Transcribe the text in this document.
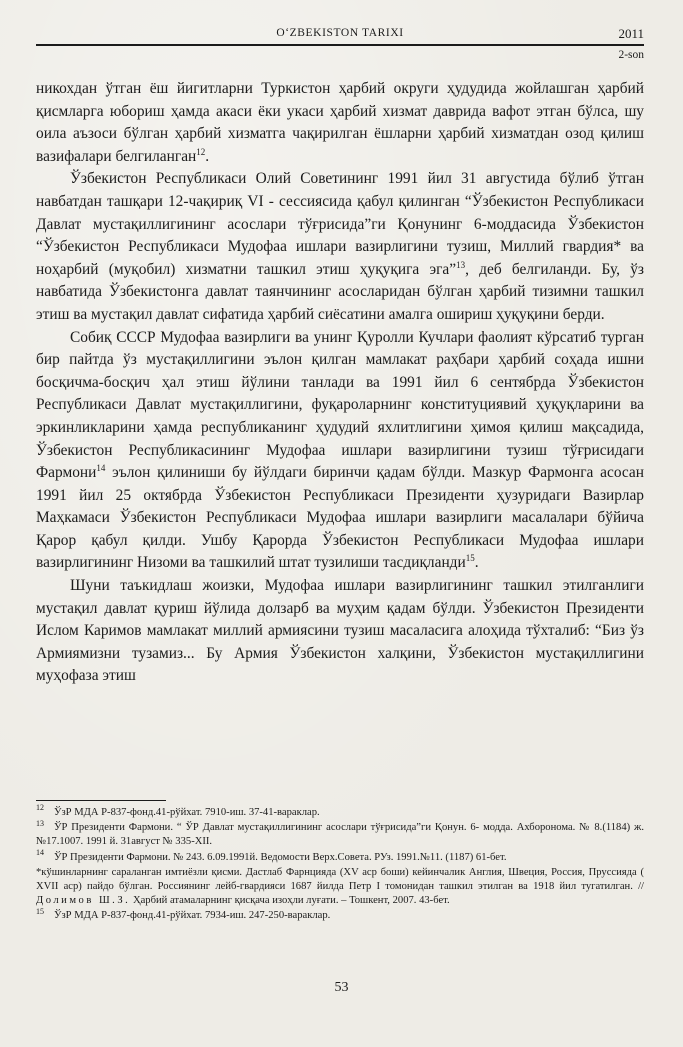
O‘ZBEKISTON TARIXI	2011
2-son

никохдан ўтган ёш йигитларни Туркистон ҳарбий округи ҳудудида жойлашган ҳарбий қисмларга юбориш ҳамда акаси ёки укаси ҳарбий хизмат даврида вафот этган бўлса, шу оила аъзоси бўлган ҳарбий хизматга чақирилган ёшларни ҳарбий хизматдан озод қилиш вазифалари белгиланган$^{12}$.

Ўзбекистон Республикаси Олий Советининг 1991 йил 31 августида бўлиб ўтган навбатдан ташқари 12-чақириқ VI - сессиясида қабул қилинган “Ўзбекистон Республикаси Давлат мустақиллигининг асослари тўғрисида”ги Қонунинг 6-моддасида Ўзбекистон “Ўзбекистон Республикаси Мудофаа ишлари вазирлигини тузиш, Миллий гвардия* ва ноҳарбий (муқобил) хизматни ташкил этиш ҳуқуқига эга”$^{13}$, деб белгиланди. Бу, ўз навбатида Ўзбекистонга давлат таянчининг асосларидан бўлган ҳарбий тизимни ташкил этиш ва мустақил давлат сифатида ҳарбий сиёсатини амалга ошириш ҳуқуқини берди.

Собиқ СССР Мудофаа вазирлиги ва унинг Қуролли Кучлари фаолият кўрсатиб турган бир пайтда ўз мустақиллигини эълон қилган мамлакат раҳбари ҳарбий соҳада ишни босқичма-босқич ҳал этиш йўлини танлади ва 1991 йил 6 сентябрда Ўзбекистон Республикаси Давлат мустақиллигини, фуқароларнинг конституциявий ҳуқуқларини ва эркинликларини ҳамда республиканинг ҳудудий яхлитлигини ҳимоя қилиш мақсадида, Ўзбекистон Республикасининг Мудофаа ишлари вазирлигини тузиш тўғрисидаги Фармони$^{14}$ эълон қилиниши бу йўлдаги биринчи қадам бўлди. Мазкур Фармонга асосан 1991 йил 25 октябрда Ўзбекистон Республикаси Президенти ҳузуридаги Вазирлар Маҳкамаси Ўзбекистон Республикаси Мудофаа ишлари вазирлиги масалалари бўйича Қарор қабул қилди. Ушбу Қарорда Ўзбекистон Республикаси Мудофаа ишлари вазирлигининг Низоми ва ташкилий штат тузилиши тасдиқланди$^{15}$.

Шуни таъкидлаш жоизки, Мудофаа ишлари вазирлигининг ташкил этилганлиги мустақил давлат қуриш йўлида долзарб ва муҳим қадам бўлди. Ўзбекистон Президенти Ислом Каримов мамлакат миллий армиясини тузиш масаласига алоҳида тўхталиб: “Биз ўз Армиямизни тузамиз... Бу Армия Ўзбекистон халқини, Ўзбекистон мустақиллигини муҳофаза этиш

$^{12}$ ЎзР МДА Р-837-фонд.41-рўйхат. 7910-иш. 37-41-вараклар.

$^{13}$ ЎР Президенти Фармони. “ ЎР Давлат мустақиллигининг асослари тўғрисида”ги Қонун. 6- модда. Ахборонома. № 8.(1184) ж.№17.1007. 1991 й. 31август № 335-XII.

$^{14}$ ЎР Президенти Фармони. № 243. 6.09.1991й. Ведомости Верх.Совета. РУз. 1991.№11. (1187) 61-бет.

*кўшинларнинг сараланган имтиёзли қисми. Дастлаб Фарнцияда (XV аср боши) кейинчалик Англия, Швеция, Россия, Пруссияда ( XVII аср) пайдо бўлган. Россиянинг лейб-гвардияси 1687 йилда Петр I томонидан ташкил этилган ва 1918 йил тугатилган. // Долимов Ш.З. Ҳарбий атамаларнинг қисқача изоҳли луғати. – Тошкент, 2007. 43-бет.

$^{15}$ ЎзР МДА Р-837-фонд.41-рўйхат. 7934-иш. 247-250-вараклар.

53
